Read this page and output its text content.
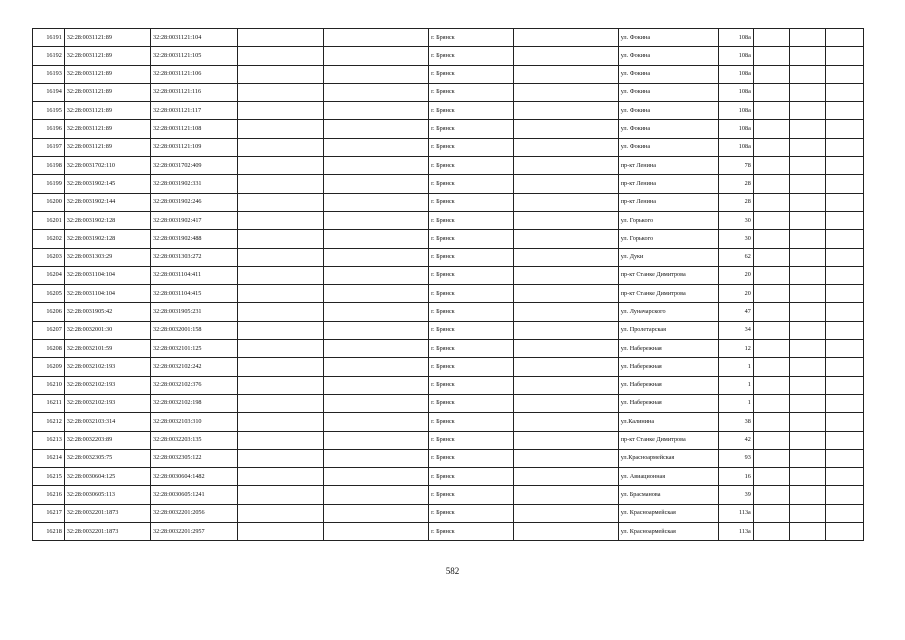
16191	32:28:0031121:89	32:28:0031121:104			г. Брянск		ул. Фокина	108а			
16192	32:28:0031121:89	32:28:0031121:105			г. Брянск		ул. Фокина	108а			
16193	32:28:0031121:89	32:28:0031121:106			г. Брянск		ул. Фокина	108а			
16194	32:28:0031121:89	32:28:0031121:116			г. Брянск		ул. Фокина	108а			
16195	32:28:0031121:89	32:28:0031121:117			г. Брянск		ул. Фокина	108а			
16196	32:28:0031121:89	32:28:0031121:108			г. Брянск		ул. Фокина	108а			
16197	32:28:0031121:89	32:28:0031121:109			г. Брянск		ул. Фокина	108а			
16198	32:28:0031702:110	32:28:0031702:409			г. Брянск		пр-кт Ленина	78			
16199	32:28:0031902:145	32:28:0031902:331			г. Брянск		пр-кт Ленина	28			
16200	32:28:0031902:144	32:28:0031902:246			г. Брянск		пр-кт Ленина	28			
16201	32:28:0031902:128	32:28:0031902:417			г. Брянск		ул. Горького	30			
16202	32:28:0031902:128	32:28:0031902:488			г. Брянск		ул. Горького	30			
16203	32:28:0031303:29	32:28:0031303:272			г. Брянск		ул. Дуки	62			
16204	32:28:0031104:104	32:28:0031104:411			г. Брянск		пр-кт Станке Димитрова	20			
16205	32:28:0031104:104	32:28:0031104:415			г. Брянск		пр-кт Станке Димитрова	20			
16206	32:28:0031905:42	32:28:0031905:231			г. Брянск		ул. Луначарского	47			
16207	32:28:0032001:30	32:28:0032001:158			г. Брянск		ул. Пролетарская	34			
16208	32:28:0032101:59	32:28:0032101:125			г. Брянск		ул. Набережная	12			
16209	32:28:0032102:193	32:28:0032102:242			г. Брянск		ул. Набережная	1			
16210	32:28:0032102:193	32:28:0032102:376			г. Брянск		ул. Набережная	1			
16211	32:28:0032102:193	32:28:0032102:198			г. Брянск		ул. Набережная	1			
16212	32:28:0032103:314	32:28:0032103:310			г. Брянск		ул.Калинина	38			
16213	32:28:0032203:89	32:28:0032203:135			г. Брянск		пр-кт Станке Димитрова	42			
16214	32:28:0032305:75	32:28:0032305:122			г. Брянск		ул.Красноармейская	93			
16215	32:28:0030604:125	32:28:0030604:1482			г. Брянск		ул. Авиационная	16			
16216	32:28:0030605:113	32:28:0030605:1241			г. Брянск		ул. Брасманова	39			
16217	32:28:0032201:1873	32:28:0032201:2056			г. Брянск		ул. Красноармейская	113а			
16218	32:28:0032201:1873	32:28:0032201:2957			г. Брянск		ул. Красноармейская	113а			
582
